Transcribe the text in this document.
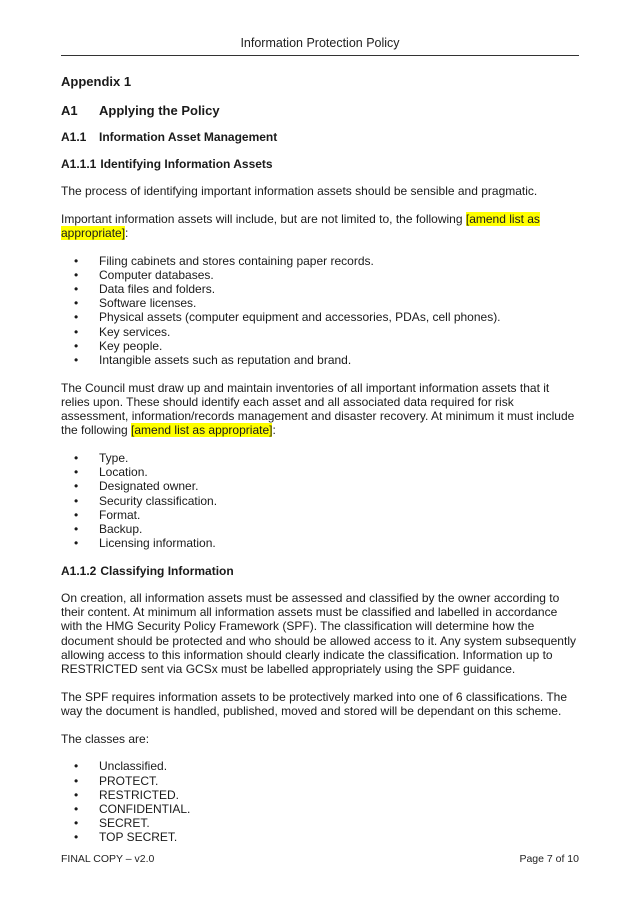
Information Protection Policy
Appendix 1
A1	Applying the Policy
A1.1	Information Asset Management
A1.1.1 Identifying Information Assets

The process of identifying important information assets should be sensible and pragmatic.

Important information assets will include, but are not limited to, the following [amend list as appropriate]:

•	Filing cabinets and stores containing paper records.
•	Computer databases.
•	Data files and folders.
•	Software licenses.
•	Physical assets (computer equipment and accessories, PDAs, cell phones).
•	Key services.
•	Key people.
•	Intangible assets such as reputation and brand.

The Council must draw up and maintain inventories of all important information assets that it relies upon. These should identify each asset and all associated data required for risk assessment, information/records management and disaster recovery. At minimum it must include the following [amend list as appropriate]:

•	Type.
•	Location.
•	Designated owner.
•	Security classification.
•	Format.
•	Backup.
•	Licensing information.
A1.1.2 Classifying Information

On creation, all information assets must be assessed and classified by the owner according to their content. At minimum all information assets must be classified and labelled in accordance with the HMG Security Policy Framework (SPF). The classification will determine how the document should be protected and who should be allowed access to it. Any system subsequently allowing access to this information should clearly indicate the classification. Information up to RESTRICTED sent via GCSx must be labelled appropriately using the SPF guidance.

The SPF requires information assets to be protectively marked into one of 6 classifications. The way the document is handled, published, moved and stored will be dependant on this scheme.

The classes are:

•	Unclassified.
•	PROTECT.
•	RESTRICTED.
•	CONFIDENTIAL.
•	SECRET.
•	TOP SECRET.
FINAL COPY – v2.0	Page 7 of 10
